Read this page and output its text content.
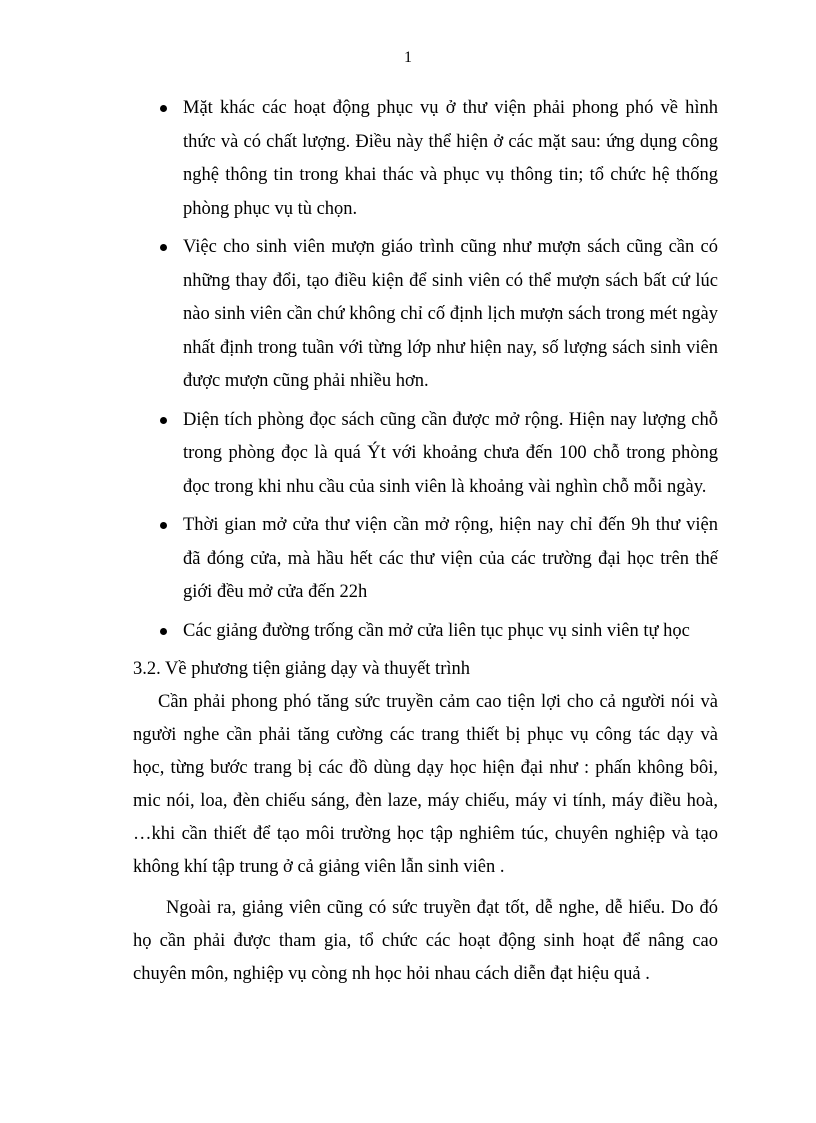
1
Mặt khác các hoạt động phục vụ ở thư viện phải phong phó về hình thức và có chất lượng. Điều này thể hiện ở các mặt sau: ứng dụng công nghệ thông tin trong khai thác và phục vụ thông tin; tổ chức hệ thống phòng phục vụ tù chọn.
Việc cho sinh viên mượn giáo trình cũng như mượn sách cũng cần có những thay đổi, tạo điều kiện để sinh viên có thể mượn sách bất cứ lúc nào sinh viên cần chứ không chỉ cố định lịch mượn sách trong mét ngày nhất định trong tuần với từng lớp như hiện nay, số lượng sách sinh viên được mượn cũng phải nhiều hơn.
Diện tích phòng đọc sách cũng cần được mở rộng. Hiện nay lượng chỗ trong phòng đọc là quá Ýt với khoảng chưa đến 100 chỗ trong phòng đọc trong khi nhu cầu của sinh viên là khoảng vài nghìn chỗ mỗi ngày.
Thời gian mở cửa thư viện cần mở rộng, hiện nay chỉ đến 9h thư viện đã đóng cửa, mà hầu hết các thư viện của các trường đại học trên thế giới đều mở cửa đến 22h
Các giảng đường trống cần mở cửa liên tục phục vụ sinh viên tự học
3.2. Về phương tiện giảng dạy và thuyết trình

Cần phải phong phó tăng sức truyền cảm cao tiện lợi cho cả người nói và người nghe cần phải tăng cường các trang thiết bị phục vụ công tác dạy và học, từng bước trang bị các đồ dùng dạy học hiện đại như : phấn không bôi, mic nói, loa, đèn chiếu sáng, đèn laze, máy chiếu, máy vi tính, máy điều hoà, …khi cần thiết để tạo môi trường học tập nghiêm túc, chuyên nghiệp và tạo không khí tập trung ở cả giảng viên lẫn sinh viên .

Ngoài ra, giảng viên cũng có sức truyền đạt tốt, dễ nghe, dễ hiểu. Do đó họ cần phải được tham gia, tổ chức các hoạt động sinh hoạt để nâng cao chuyên môn, nghiệp vụ còng nh học hỏi nhau cách diễn đạt hiệu quả .
